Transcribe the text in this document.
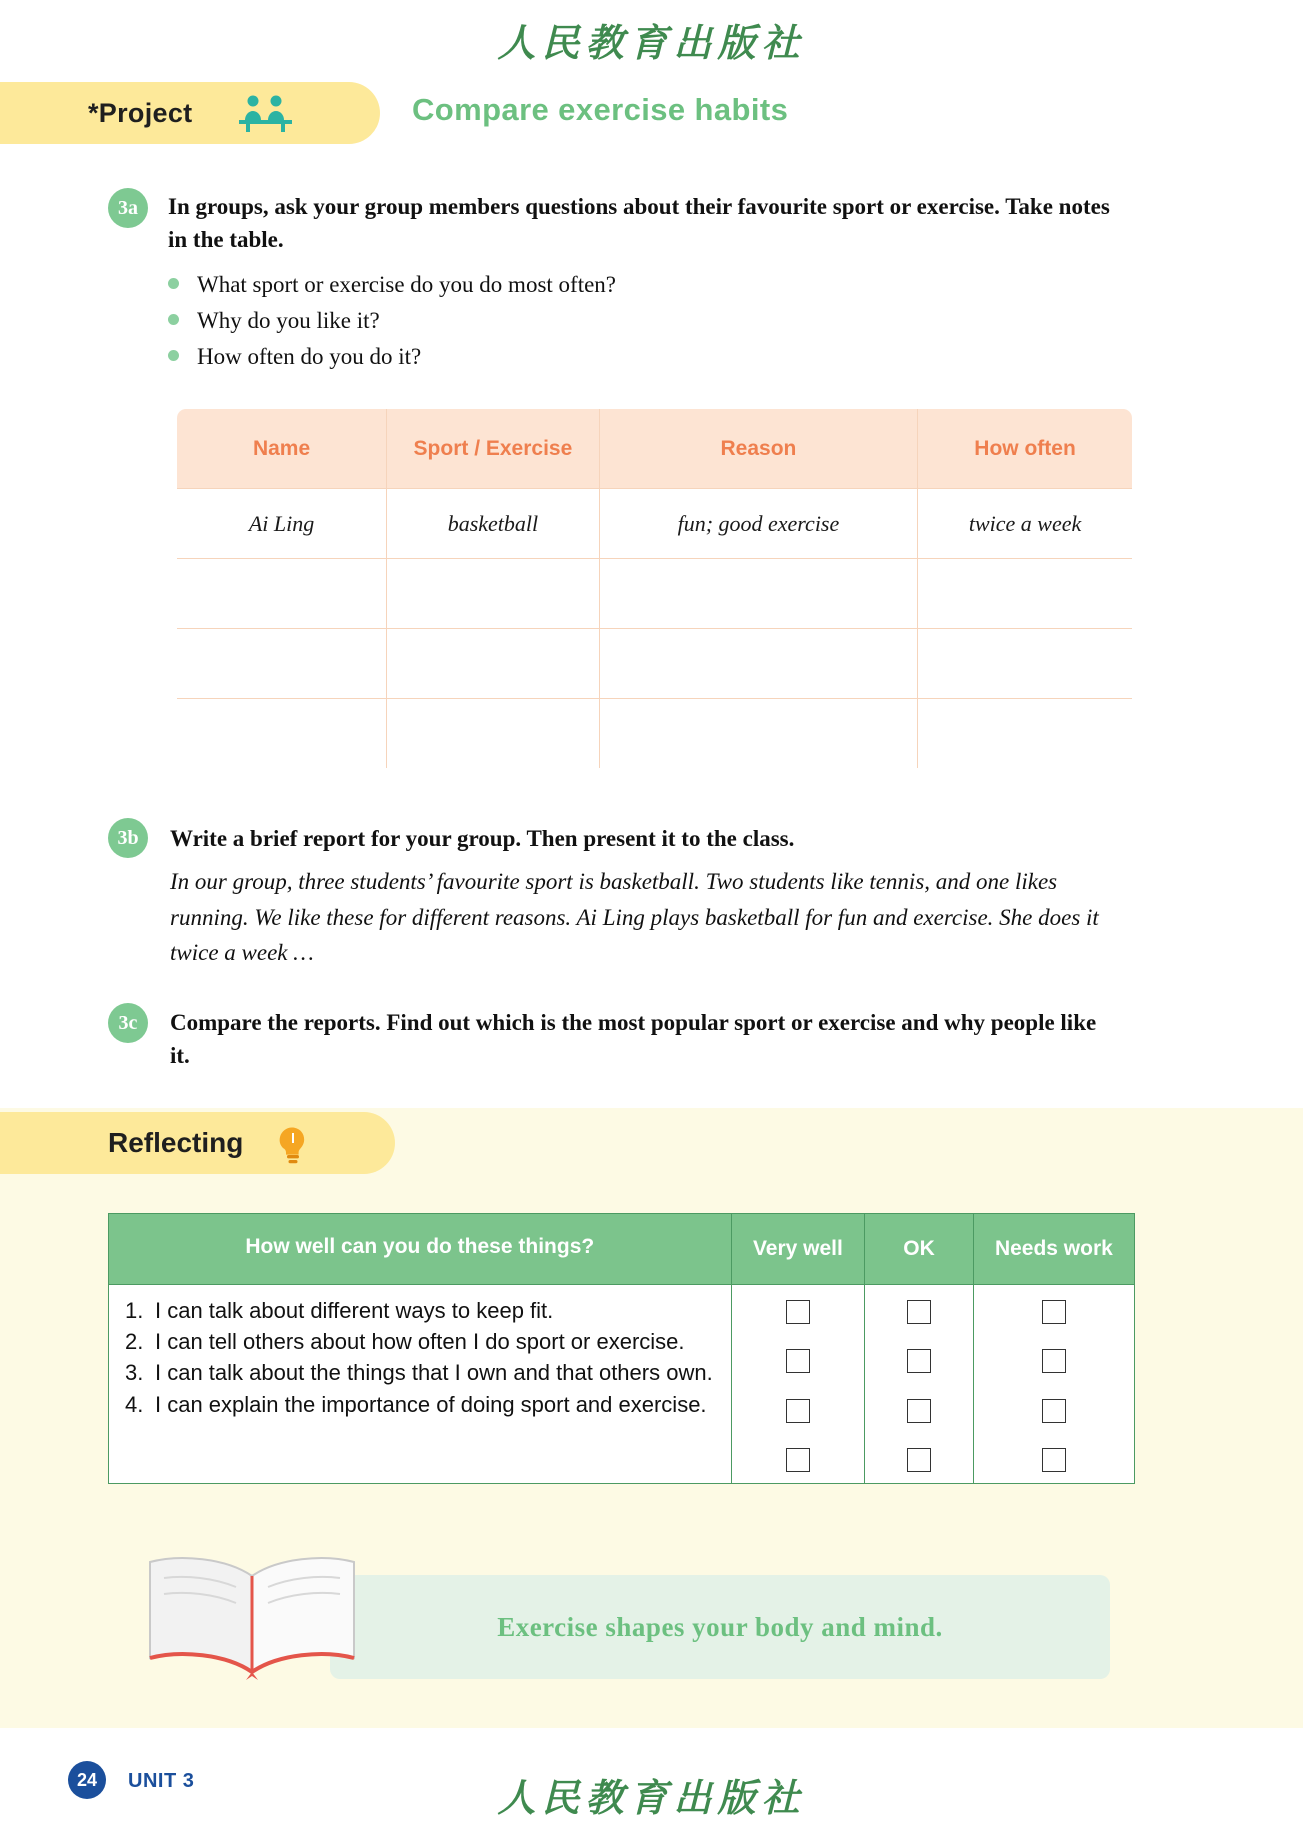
人民教育出版社
*Project	Compare exercise habits
3a	In groups, ask your group members questions about their favourite sport or exercise. Take notes in the table.
What sport or exercise do you do most often?
Why do you like it?
How often do you do it?
Name	Sport / Exercise	Reason	How often
Ai Ling	basketball	fun; good exercise	twice a week

3b	Write a brief report for your group. Then present it to the class.
In our group, three students’ favourite sport is basketball. Two students like tennis, and one likes running. We like these for different reasons. Ai Ling plays basketball for fun and exercise. She does it twice a week …
3c	Compare the reports. Find out which is the most popular sport or exercise and why people like it.
Reflecting
How well can you do these things?	Very well	OK	Needs work

1. I can talk about different ways to keep fit.
2. I can tell others about how often I do sport or exercise.
3. I can talk about the things that I own and that others own.
4. I can explain the importance of doing sport and exercise.

Exercise shapes your body and mind.
24	UNIT 3	人民教育出版社
